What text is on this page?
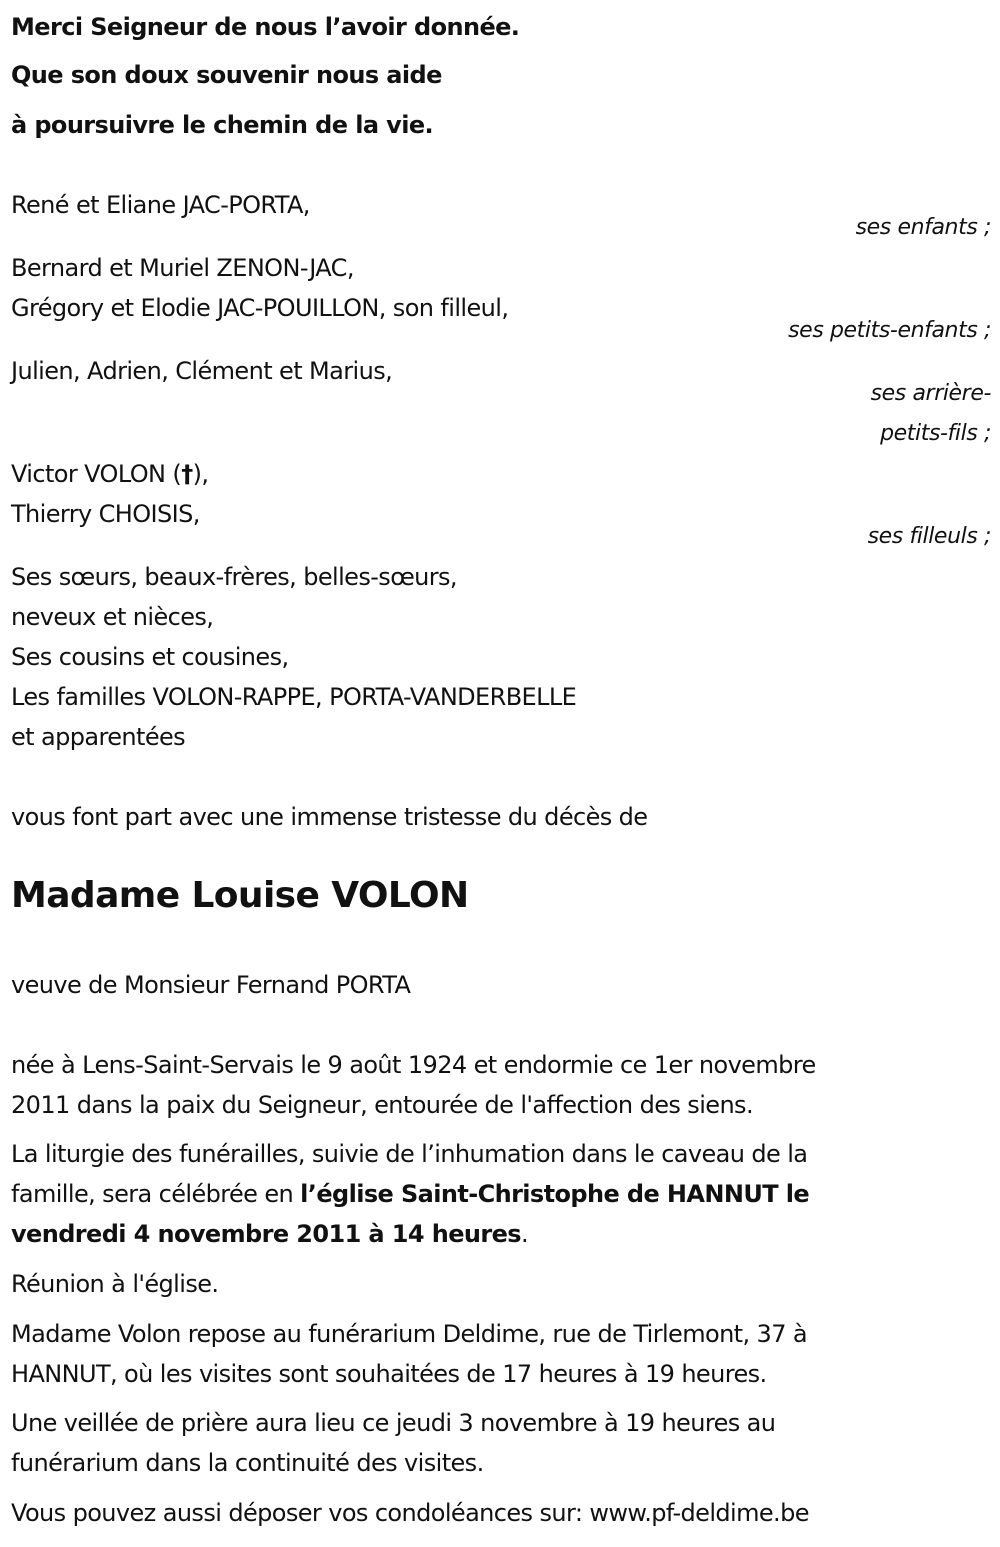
Merci Seigneur de nous l’avoir donnée.
Que son doux souvenir nous aide
à poursuivre le chemin de la vie.
René et Eliane JAC-PORTA,
ses enfants ;
Bernard et Muriel ZENON-JAC,
Grégory et Elodie JAC-POUILLON, son filleul,
ses petits-enfants ;
Julien, Adrien, Clément et Marius,
ses arrière-
petits-fils ;
Victor VOLON (†),
Thierry CHOISIS,
ses filleuls ;
Ses sœurs, beaux-frères, belles-sœurs,
neveux et nièces,
Ses cousins et cousines,
Les familles VOLON-RAPPE, PORTA-VANDERBELLE
et apparentées
vous font part avec une immense tristesse du décès de
Madame Louise VOLON
veuve de Monsieur Fernand PORTA
née à Lens-Saint-Servais le 9 août 1924 et endormie ce 1er novembre
2011 dans la paix du Seigneur, entourée de l'affection des siens.
La liturgie des funérailles, suivie de l’inhumation dans le caveau de la
famille, sera célébrée en l’église Saint-Christophe de HANNUT le
vendredi 4 novembre 2011 à 14 heures.
Réunion à l'église.
Madame Volon repose au funérarium Deldime, rue de Tirlemont, 37 à
HANNUT, où les visites sont souhaitées de 17 heures à 19 heures.
Une veillée de prière aura lieu ce jeudi 3 novembre à 19 heures au
funérarium dans la continuité des visites.
Vous pouvez aussi déposer vos condoléances sur: www.pf-deldime.be
